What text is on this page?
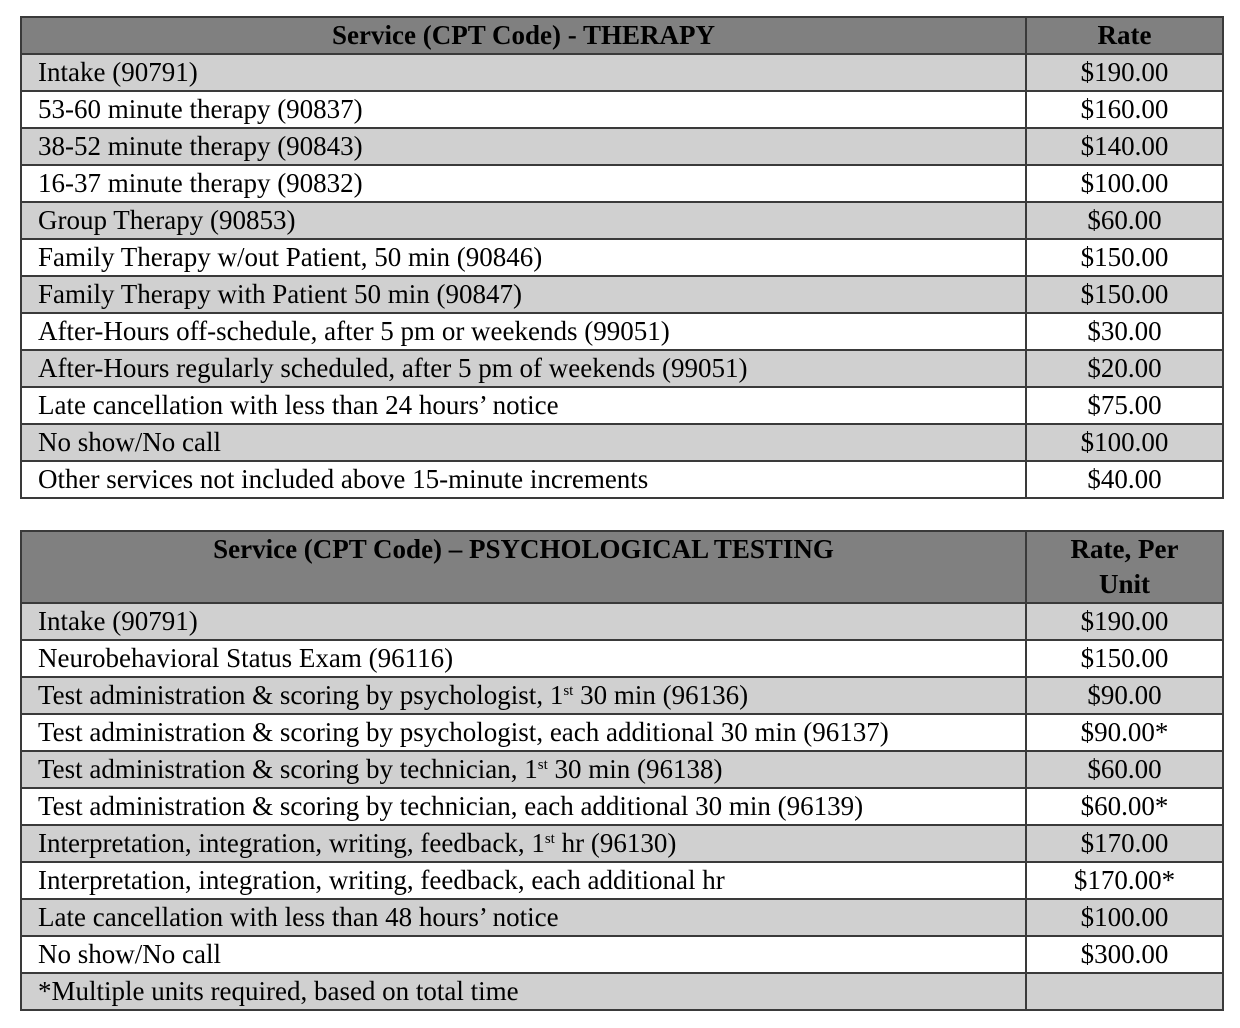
Service (CPT Code) - THERAPY	Rate
Intake (90791)	$190.00
53-60 minute therapy (90837)	$160.00
38-52 minute therapy (90843)	$140.00
16-37 minute therapy (90832)	$100.00
Group Therapy (90853)	$60.00
Family Therapy w/out Patient, 50 min (90846)	$150.00
Family Therapy with Patient 50 min (90847)	$150.00
After-Hours off-schedule, after 5 pm or weekends (99051)	$30.00
After-Hours regularly scheduled, after 5 pm of weekends (99051)	$20.00
Late cancellation with less than 24 hours’ notice	$75.00
No show/No call	$100.00
Other services not included above 15-minute increments	$40.00
Service (CPT Code) – PSYCHOLOGICAL TESTING	Rate, Per
Unit
Intake (90791)	$190.00
Neurobehavioral Status Exam (96116)	$150.00
Test administration & scoring by psychologist, 1st 30 min (96136)	$90.00
Test administration & scoring by psychologist, each additional 30 min (96137)	$90.00*
Test administration & scoring by technician, 1st 30 min (96138)	$60.00
Test administration & scoring by technician, each additional 30 min (96139)	$60.00*
Interpretation, integration, writing, feedback, 1st hr (96130)	$170.00
Interpretation, integration, writing, feedback, each additional hr	$170.00*
Late cancellation with less than 48 hours’ notice	$100.00
No show/No call	$300.00
*Multiple units required, based on total time	
